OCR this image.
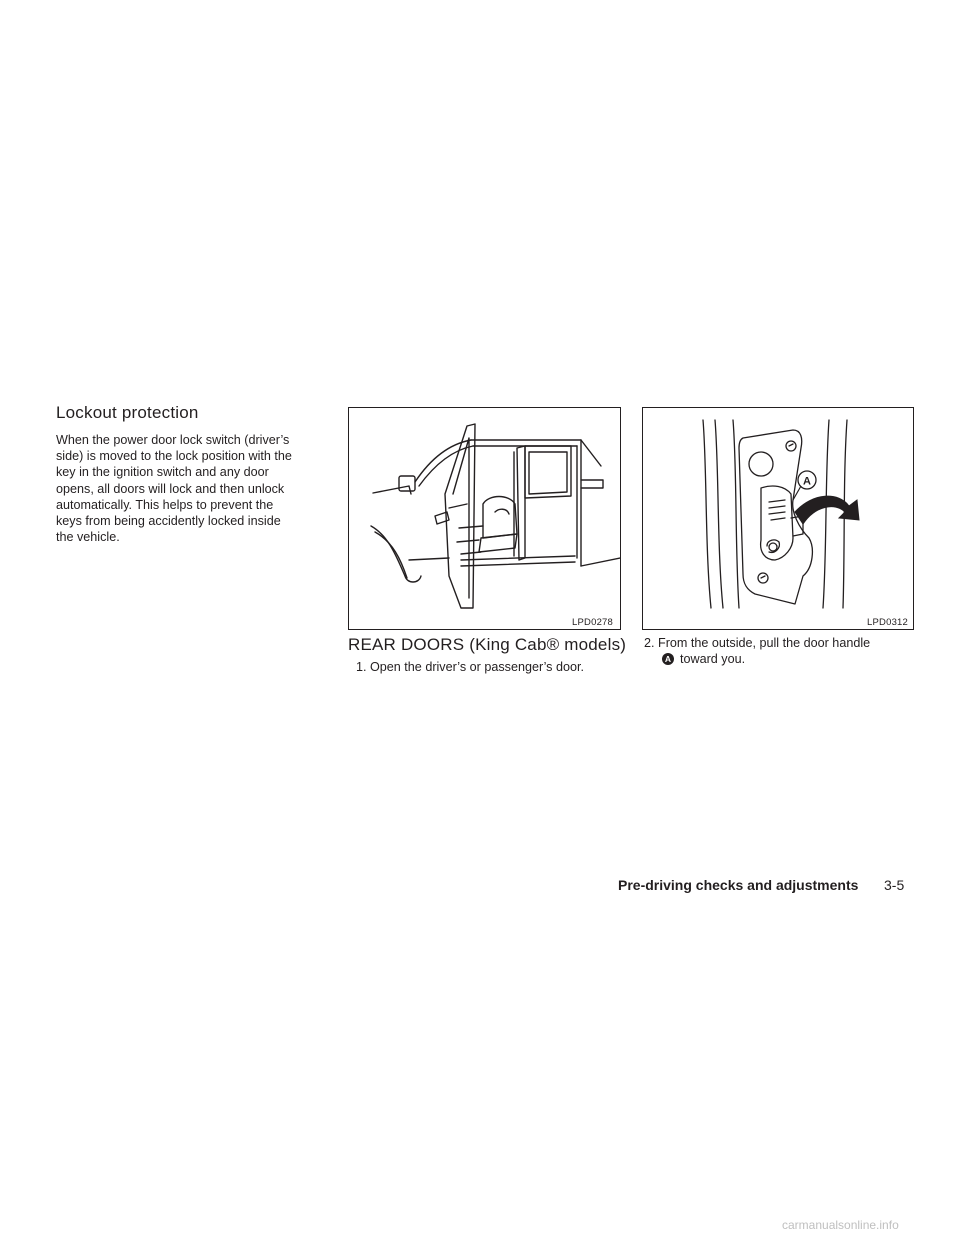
Lockout protection
When the power door lock switch (driver’s
side) is moved to the lock position with the
key in the ignition switch and any door
opens, all doors will lock and then unlock
automatically. This helps to prevent the
keys from being accidently locked inside
the vehicle.
LPD0278
A
LPD0312
REAR DOORS (King Cab® models)
1. Open the driver’s or passenger’s door.
2. From the outside, pull the door handle
A toward you.
Pre-driving checks and adjustments 3-5
carmanualsonline.info
